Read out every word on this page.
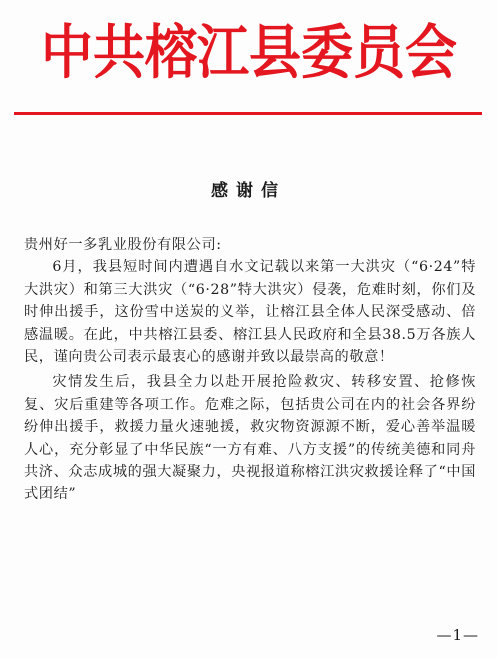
中共榕江县委员会
感谢信

贵州好一多乳业股份有限公司:

6月，我县短时间内遭遇自水文记载以来第一大洪灾（“6·24”特大洪灾）和第三大洪灾（“6·28”特大洪灾）侵袭，危难时刻，你们及时伸出援手，这份雪中送炭的义举，让榕江县全体人民深受感动、倍感温暖。在此，中共榕江县委、榕江县人民政府和全县38.5万各族人民，谨向贵公司表示最衷心的感谢并致以最崇高的敬意！

灾情发生后，我县全力以赴开展抢险救灾、转移安置、抢修恢复、灾后重建等各项工作。危难之际，包括贵公司在内的社会各界纷纷伸出援手，救援力量火速驰援，救灾物资源源不断，爱心善举温暖人心，充分彰显了中华民族“一方有难、八方支援”的传统美德和同舟共济、众志成城的强大凝聚力，央视报道称榕江洪灾救援诠释了“中国式团结”

—1—
